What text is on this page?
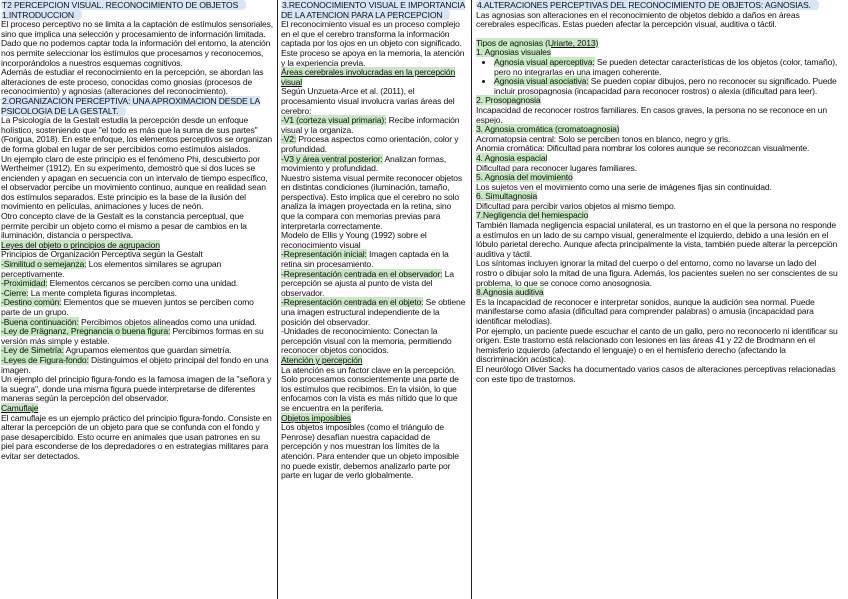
T2 PERCEPCION VISUAL. RECONOCIMIENTO DE OBJETOS

1.INTRODUCCION

El proceso perceptivo no se limita a la captación de estímulos sensoriales, sino que implica una selección y procesamiento de información limitada. Dado que no podemos captar toda la información del entorno, la atención nos permite seleccionar los estímulos que procesamos y reconocemos, incorporándolos a nuestros esquemas cognitivos.

Además de estudiar el reconocimiento en la percepción, se abordan las alteraciones de este proceso, conocidas como gnosias (procesos de reconocimiento) y agnosias (alteraciones del reconocimiento).

2.ORGANIZACION PERCEPTIVA: UNA APROXIMACION DESDE LA PSICOLOGIA DE LA GESTALT.

La Psicología de la Gestalt estudia la percepción desde un enfoque holístico, sosteniendo que "el todo es más que la suma de sus partes" (Forigua, 2018). En este enfoque, los elementos perceptivos se organizan de forma global en lugar de ser percibidos como estímulos aislados.

Un ejemplo claro de este principio es el fenómeno Phi, descubierto por Wertheimer (1912). En su experimento, demostró que si dos luces se encienden y apagan en secuencia con un intervalo de tiempo específico, el observador percibe un movimiento continuo, aunque en realidad sean dos estímulos separados. Este principio es la base de la ilusión del movimiento en películas, animaciones y luces de neón.

Otro concepto clave de la Gestalt es la constancia perceptual, que permite percibir un objeto como el mismo a pesar de cambios en la iluminación, distancia o perspectiva.

Leyes del objeto o principios de agrupacion

Principios de Organización Perceptiva según la Gestalt

-Similitud o semejanza: Los elementos similares se agrupan perceptivamente.

-Proximidad: Elementos cercanos se perciben como una unidad.

-Cierre: La mente completa figuras incompletas.

-Destino común: Elementos que se mueven juntos se perciben como parte de un grupo.

-Buena continuación: Percibimos objetos alineados como una unidad.

-Ley de Prägnanz, Pregnancia o buena figura: Percibimos formas en su versión más simple y estable.

-Ley de Simetría: Agrupamos elementos que guardan simetría.

-Leyes de Figura-fondo: Distinguimos el objeto principal del fondo en una imagen.

Un ejemplo del principio figura-fondo es la famosa imagen de la "señora y la suegra", donde una misma figura puede interpretarse de diferentes maneras según la percepción del observador.

Camuflaje

El camuflaje es un ejemplo práctico del principio figura-fondo. Consiste en alterar la percepción de un objeto para que se confunda con el fondo y pase desapercibido. Esto ocurre en animales que usan patrones en su piel para esconderse de los depredadores o en estrategias militares para evitar ser detectados.

3.RECONOCIMIENTO VISUAL E IMPORTANCIA DE LA ATENCION PARA LA PERCEPCION

El reconocimiento visual es un proceso complejo en el que el cerebro transforma la información captada por los ojos en un objeto con significado. Este proceso se apoya en la memoria, la atención y la experiencia previa.

Áreas cerebrales involucradas en la percepción visual

Según Unzueta-Arce et al. (2011), el procesamiento visual involucra varias áreas del cerebro:

-V1 (corteza visual primaria): Recibe información visual y la organiza.

-V2: Procesa aspectos como orientación, color y profundidad.

-V3 y área ventral posterior: Analizan formas, movimiento y profundidad.

Nuestro sistema visual permite reconocer objetos en distintas condiciones (iluminación, tamaño, perspectiva). Esto implica que el cerebro no solo analiza la imagen proyectada en la retina, sino que la compara con memorias previas para interpretarla correctamente.

Modelo de Ellis y Young (1992) sobre el reconocimiento visual

-Representación inicial: Imagen captada en la retina sin procesamiento.

-Representación centrada en el observador: La percepción se ajusta al punto de vista del observador.

-Representación centrada en el objeto: Se obtiene una imagen estructural independiente de la posición del observador.

-Unidades de reconocimiento: Conectan la percepción visual con la memoria, permitiendo reconocer objetos conocidos.

Atención y percepción

La atención es un factor clave en la percepción. Solo procesamos conscientemente una parte de los estímulos que recibimos. En la visión, lo que enfocamos con la vista es más nítido que lo que se encuentra en la periferia.

Objetos imposibles

Los objetos imposibles (como el triángulo de Penrose) desafían nuestra capacidad de percepción y nos muestran los límites de la atención. Para entender que un objeto imposible no puede existir, debemos analizarlo parte por parte en lugar de verlo globalmente.

4.ALTERACIONES PERCEPTIVAS DEL RECONOCIMIENTO DE OBJETOS: AGNOSIAS.

Las agnosias son alteraciones en el reconocimiento de objetos debido a daños en áreas cerebrales específicas. Estas pueden afectar la percepción visual, auditiva o táctil.

Tipos de agnosias (Uriarte, 2013)

1. Agnosias visuales

• Agnosia visual aperceptiva: Se pueden detectar características de los objetos (color, tamaño), pero no integrarlas en una imagen coherente.
• Agnosia visual asociativa: Se pueden copiar dibujos, pero no reconocer su significado. Puede incluir prosopagnosia (incapacidad para reconocer rostros) o alexia (dificultad para leer).

2. Prosopagnosia

Incapacidad de reconocer rostros familiares. En casos graves, la persona no se reconoce en un espejo.

3. Agnosia cromática (cromatoagnosia)

Acromatopsia central: Solo se perciben tonos en blanco, negro y gris.

Anomia cromática: Dificultad para nombrar los colores aunque se reconozcan visualmente.

4. Agnosia espacial

Dificultad para reconocer lugares familiares.

5. Agnosia del movimiento

Los sujetos ven el movimiento como una serie de imágenes fijas sin continuidad.

6. Simultagnosia

Dificultad para percibir varios objetos al mismo tiempo.

7.Negligencia del hemiespacio

También llamada negligencia espacial unilateral, es un trastorno en el que la persona no responde a estímulos en un lado de su campo visual, generalmente el izquierdo, debido a una lesión en el lóbulo parietal derecho. Aunque afecta principalmente la vista, también puede alterar la percepción auditiva y táctil.

Los síntomas incluyen ignorar la mitad del cuerpo o del entorno, como no lavarse un lado del rostro o dibujar solo la mitad de una figura. Además, los pacientes suelen no ser conscientes de su problema, lo que se conoce como anosognosia.

8.Agnosia auditiva

Es la incapacidad de reconocer e interpretar sonidos, aunque la audición sea normal. Puede manifestarse como afasia (dificultad para comprender palabras) o amusia (incapacidad para identificar melodías).

Por ejemplo, un paciente puede escuchar el canto de un gallo, pero no reconocerlo ni identificar su origen. Este trastorno está relacionado con lesiones en las áreas 41 y 22 de Brodmann en el hemisferio izquierdo (afectando el lenguaje) o en el hemisferio derecho (afectando la discriminación acústica).

El neurólogo Oliver Sacks ha documentado varios casos de alteraciones perceptivas relacionadas con este tipo de trastornos.
